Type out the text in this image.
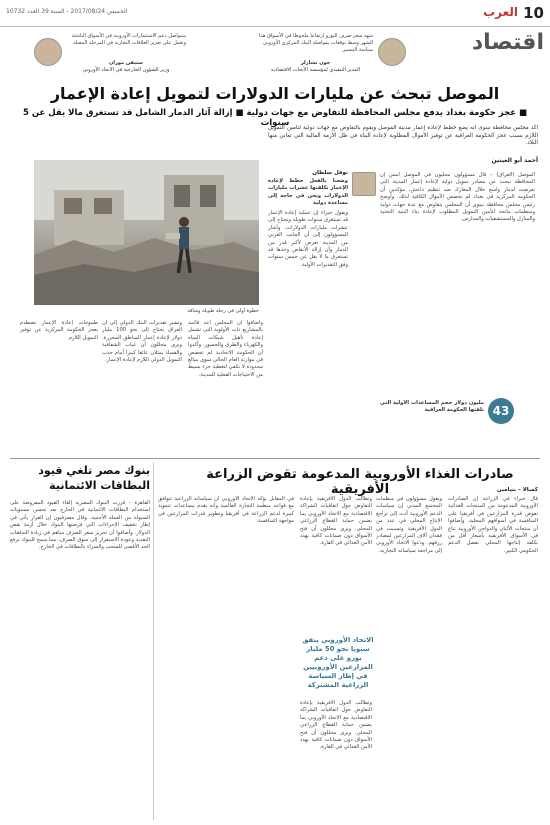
10
العرب
الخميس 2017/08/24 - السنة 39 العدد 10732
اقتصاد
شهد سعر صرف اليورو ارتفاعا ملحوظا في الأسواق هذا الشهر وسط توقعات بمواصلة البنك المركزي الأوروبي سياسة التيسير
جون تشارلز
المدير التنفيذي لمؤسسة الأبحاث الاقتصادية
سنواصل دعم الاستثمارات الأوروبية في الأسواق الناشئة ونعمل على تعزيز العلاقات التجارية في المرحلة المقبلة
ستيفن موران
وزير الشؤون الخارجية في الاتحاد الأوروبي
الموصل تبحث عن مليارات الدولارات لتمويل إعادة الإعمار
■ عجز حكومة بغداد يدفع مجلس المحافظة للتفاوض مع جهات دولية ■ إزالة آثار الدمار الشامل قد تستغرق مالا يقل عن 5 سنوات
أكد مجلس محافظة نينوى أنه يضع خطط لإعادة إعمار مدينة الموصل ويقوم بالتفاوض مع جهات دولية لتأمين التمويل اللازم بسبب عجز الحكومة العراقية عن توفير الأموال المطلوبة لإعادة البناء في ظل الأزمة المالية التي تعاني منها البلاد.
أحمد أبو العينين
خطوة أولى في رحلة طويلة وشاقة
نوفل سلطان
وضعنا بالفعل خطط لإعادة الإعمار تكلفتها عشرات مليارات الدولارات ونحن في حاجة إلى مساعدة دولية
ويقول خبراء إن عملية إعادة الإعمار قد تستغرق سنوات طويلة وتحتاج إلى عشرات مليارات الدولارات. وأشار المسؤولون إلى أن الجانب الغربي من المدينة تعرض لأكبر قدر من الدمار وأن إزالة الأنقاض وحدها قد تستغرق ما لا يقل عن خمس سنوات وفق التقديرات الأولية.
الموصل (العراق) – قال مسؤولون محليون في الموصل أمس إن المحافظة تبحث عن مصادر تمويل دولية لإعادة إعمار المدينة التي تعرضت لدمار واسع خلال المعارك ضد تنظيم داعش، مؤكدين أن الحكومة المركزية في بغداد لم تخصص الأموال الكافية لذلك. وأوضح رئيس مجلس محافظة نينوى أن المجلس يتفاوض مع عدة جهات دولية ومنظمات مانحة لتأمين التمويل المطلوب لإعادة بناء البنية التحتية والمنازل والمستشفيات والمدارس.
وأضافوا أن المجلس أعد قائمة بالمشاريع ذات الأولوية التي تشمل إعادة تأهيل شبكات المياه والكهرباء والطرق والجسور. وأكدوا أن الحكومة الاتحادية لم تخصص في موازنة العام الحالي سوى مبالغ محدودة لا تكفي لتغطية جزء بسيط من الاحتياجات الفعلية للمدينة.
وتشير تقديرات البنك الدولي إلى أن العراق يحتاج إلى نحو 100 مليار دولار لإعادة إعمار المناطق المحررة. ويرى محللون أن غياب الشفافية والفساد يمثلان عائقا كبيرا أمام جذب التمويل الدولي اللازم لإعادة الإعمار.
طموحات إعادة الإعمار تصطدم بعجز الحكومة المركزية عن توفير التمويل اللازم
43
مليون دولار حجم المساعدات الأولية التي تلقتها الحكومة العراقية
صادرات الغذاء الأوروبية المدعومة تقوض الزراعة الأفريقية	كمبالا – بنيامين
قال خبراء في الزراعة إن الصادرات الأوروبية المدعومة من المنتجات الغذائية تقوض قدرة المزارعين في أفريقيا على المنافسة في أسواقهم المحلية. وأضافوا أن منتجات الألبان والدواجن الأوروبية تباع في الأسواق الأفريقية بأسعار أقل من تكلفة إنتاجها المحلي بفضل الدعم الحكومي الكبير.
ويقول مسؤولون في منظمات المجتمع المدني إن سياسات الدعم الأوروبية أدت إلى تراجع الإنتاج المحلي في عدد من الدول الأفريقية وتسببت في فقدان آلاف المزارعين لمصادر رزقهم. ودعوا الاتحاد الأوروبي إلى مراجعة سياساته التجارية.
وتطالب الدول الأفريقية بإعادة التفاوض حول اتفاقيات الشراكة الاقتصادية مع الاتحاد الأوروبي بما يضمن حماية القطاع الزراعي المحلي. ويرى محللون أن فتح الأسواق دون ضمانات كافية يهدد الأمن الغذائي في القارة.
الاتحاد الأوروبي ينفق سنويا نحو 50 مليار يورو على دعم المزارعين الأوروبيين في إطار السياسة الزراعية المشتركة
وتطالب الدول الأفريقية بإعادة التفاوض حول اتفاقيات الشراكة الاقتصادية مع الاتحاد الأوروبي بما يضمن حماية القطاع الزراعي المحلي. ويرى محللون أن فتح الأسواق دون ضمانات كافية يهدد الأمن الغذائي في القارة.
في المقابل يؤكد الاتحاد الأوروبي أن سياساته الزراعية تتوافق مع قواعد منظمة التجارة العالمية وأنه يقدم مساعدات تنموية كبيرة لدعم الزراعة في أفريقيا وتطوير قدرات المزارعين في مواجهة المنافسة.
بنوك مصر تلغي قيود البطاقات الائتمانية
القاهرة – قررت البنوك المصرية إلغاء القيود المفروضة على استخدام البطاقات الائتمانية في الخارج بعد تحسن مستويات السيولة من العملة الأجنبية. وقال مصرفيون إن القرار يأتي في إطار تخفيف الإجراءات التي فرضتها البنوك خلال أزمة نقص الدولار. وأضافوا أن تحرير سعر الصرف ساهم في زيادة التدفقات النقدية وعودة الاستقرار إلى سوق الصرف، مما سمح للبنوك برفع الحد الأقصى للسحب والشراء بالبطاقات في الخارج.
